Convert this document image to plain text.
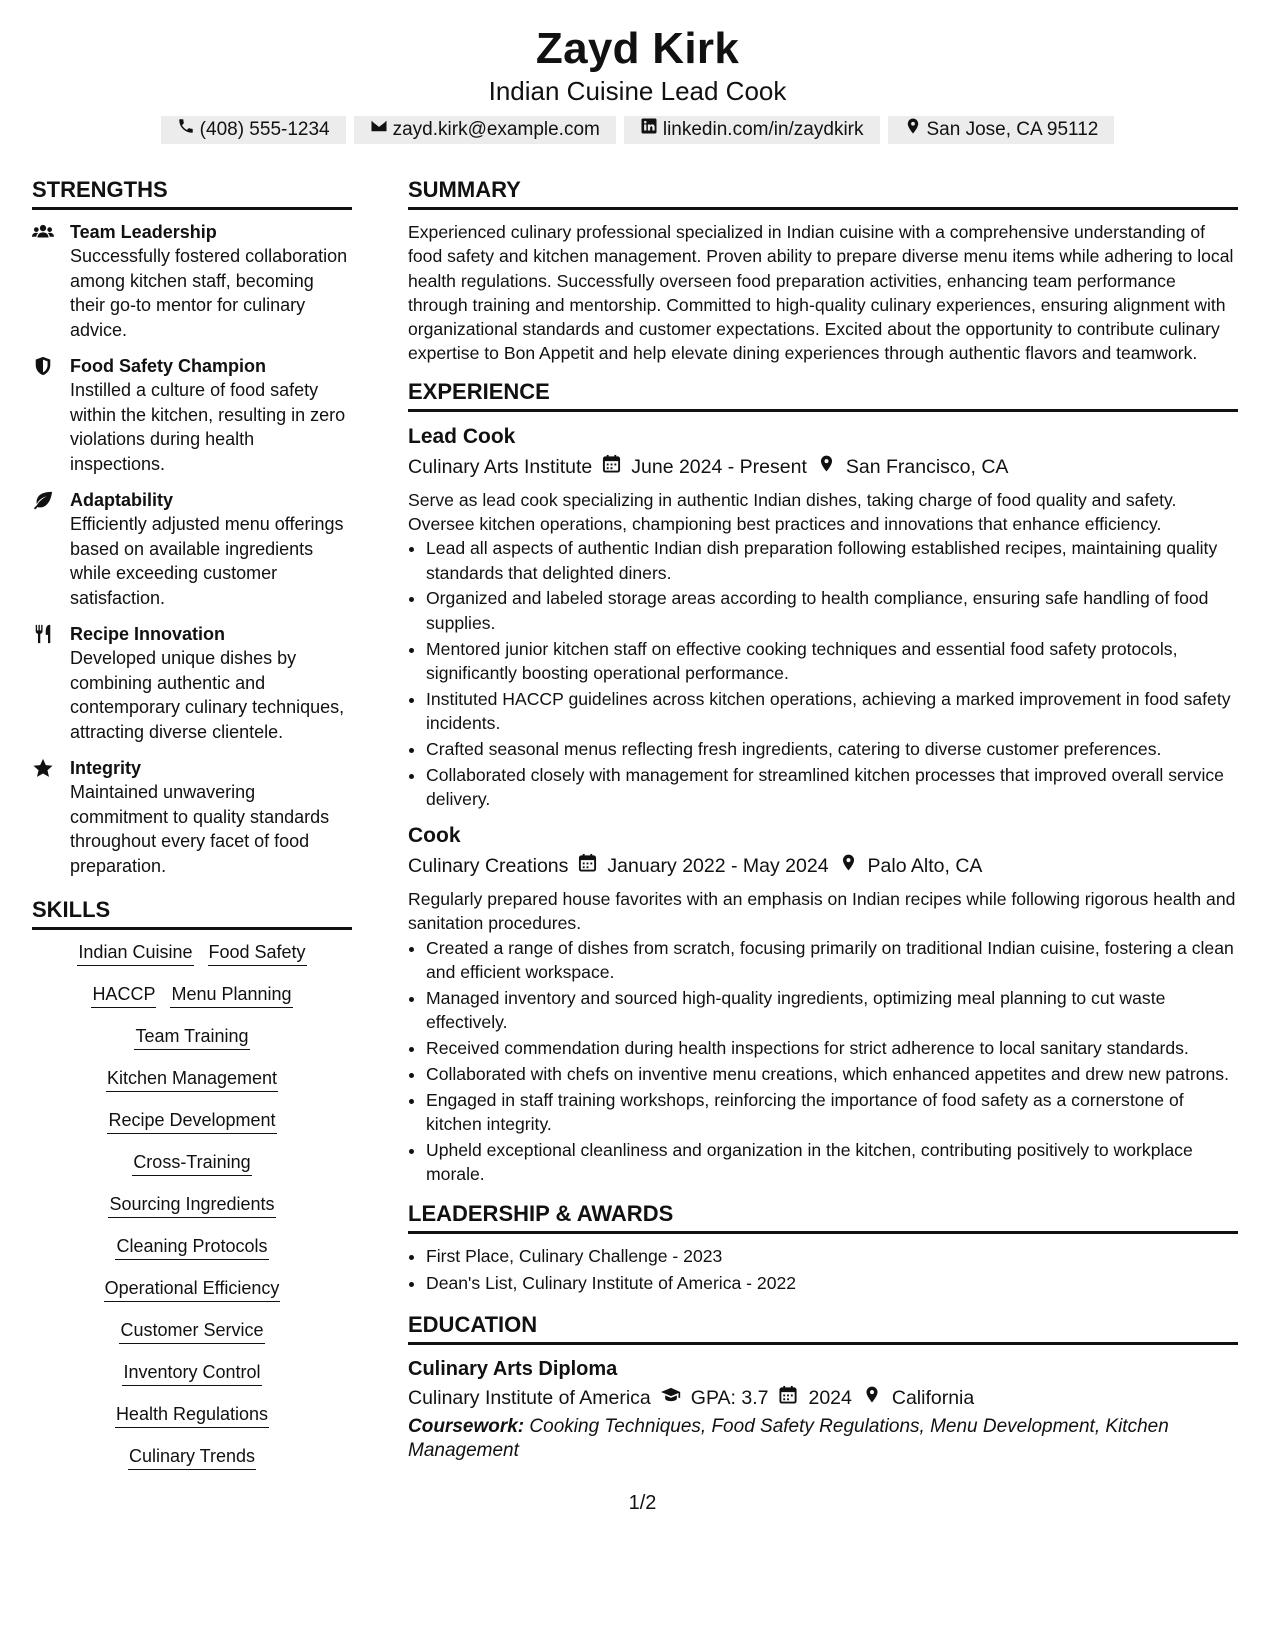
Zayd Kirk
Indian Cuisine Lead Cook
(408) 555-1234	zayd.kirk@example.com	linkedin.com/in/zaydkirk	San Jose, CA 95112
STRENGTHS
Team Leadership
Successfully fostered collaboration among kitchen staff, becoming their go-to mentor for culinary advice.
Food Safety Champion
Instilled a culture of food safety within the kitchen, resulting in zero violations during health inspections.
Adaptability
Efficiently adjusted menu offerings based on available ingredients while exceeding customer satisfaction.
Recipe Innovation
Developed unique dishes by combining authentic and contemporary culinary techniques, attracting diverse clientele.
Integrity
Maintained unwavering commitment to quality standards throughout every facet of food preparation.
SKILLS
Indian Cuisine Food Safety
HACCP Menu Planning
Team Training
Kitchen Management
Recipe Development
Cross-Training
Sourcing Ingredients
Cleaning Protocols
Operational Efficiency
Customer Service
Inventory Control
Health Regulations
Culinary Trends
SUMMARY
Experienced culinary professional specialized in Indian cuisine with a comprehensive understanding of food safety and kitchen management. Proven ability to prepare diverse menu items while adhering to local health regulations. Successfully overseen food preparation activities, enhancing team performance through training and mentorship. Committed to high-quality culinary experiences, ensuring alignment with organizational standards and customer expectations. Excited about the opportunity to contribute culinary expertise to Bon Appetit and help elevate dining experiences through authentic flavors and teamwork.
EXPERIENCE
Lead Cook
Culinary Arts Institute June 2024 - Present San Francisco, CA
Serve as lead cook specializing in authentic Indian dishes, taking charge of food quality and safety. Oversee kitchen operations, championing best practices and innovations that enhance efficiency.
• Lead all aspects of authentic Indian dish preparation following established recipes, maintaining quality standards that delighted diners.
• Organized and labeled storage areas according to health compliance, ensuring safe handling of food supplies.
• Mentored junior kitchen staff on effective cooking techniques and essential food safety protocols, significantly boosting operational performance.
• Instituted HACCP guidelines across kitchen operations, achieving a marked improvement in food safety incidents.
• Crafted seasonal menus reflecting fresh ingredients, catering to diverse customer preferences.
• Collaborated closely with management for streamlined kitchen processes that improved overall service delivery.
Cook
Culinary Creations January 2022 - May 2024 Palo Alto, CA
Regularly prepared house favorites with an emphasis on Indian recipes while following rigorous health and sanitation procedures.
• Created a range of dishes from scratch, focusing primarily on traditional Indian cuisine, fostering a clean and efficient workspace.
• Managed inventory and sourced high-quality ingredients, optimizing meal planning to cut waste effectively.
• Received commendation during health inspections for strict adherence to local sanitary standards.
• Collaborated with chefs on inventive menu creations, which enhanced appetites and drew new patrons.
• Engaged in staff training workshops, reinforcing the importance of food safety as a cornerstone of kitchen integrity.
• Upheld exceptional cleanliness and organization in the kitchen, contributing positively to workplace morale.
LEADERSHIP & AWARDS
• First Place, Culinary Challenge - 2023
• Dean's List, Culinary Institute of America - 2022
EDUCATION
Culinary Arts Diploma
Culinary Institute of America GPA: 3.7 2024 California
Coursework: Cooking Techniques, Food Safety Regulations, Menu Development, Kitchen Management
1/2
